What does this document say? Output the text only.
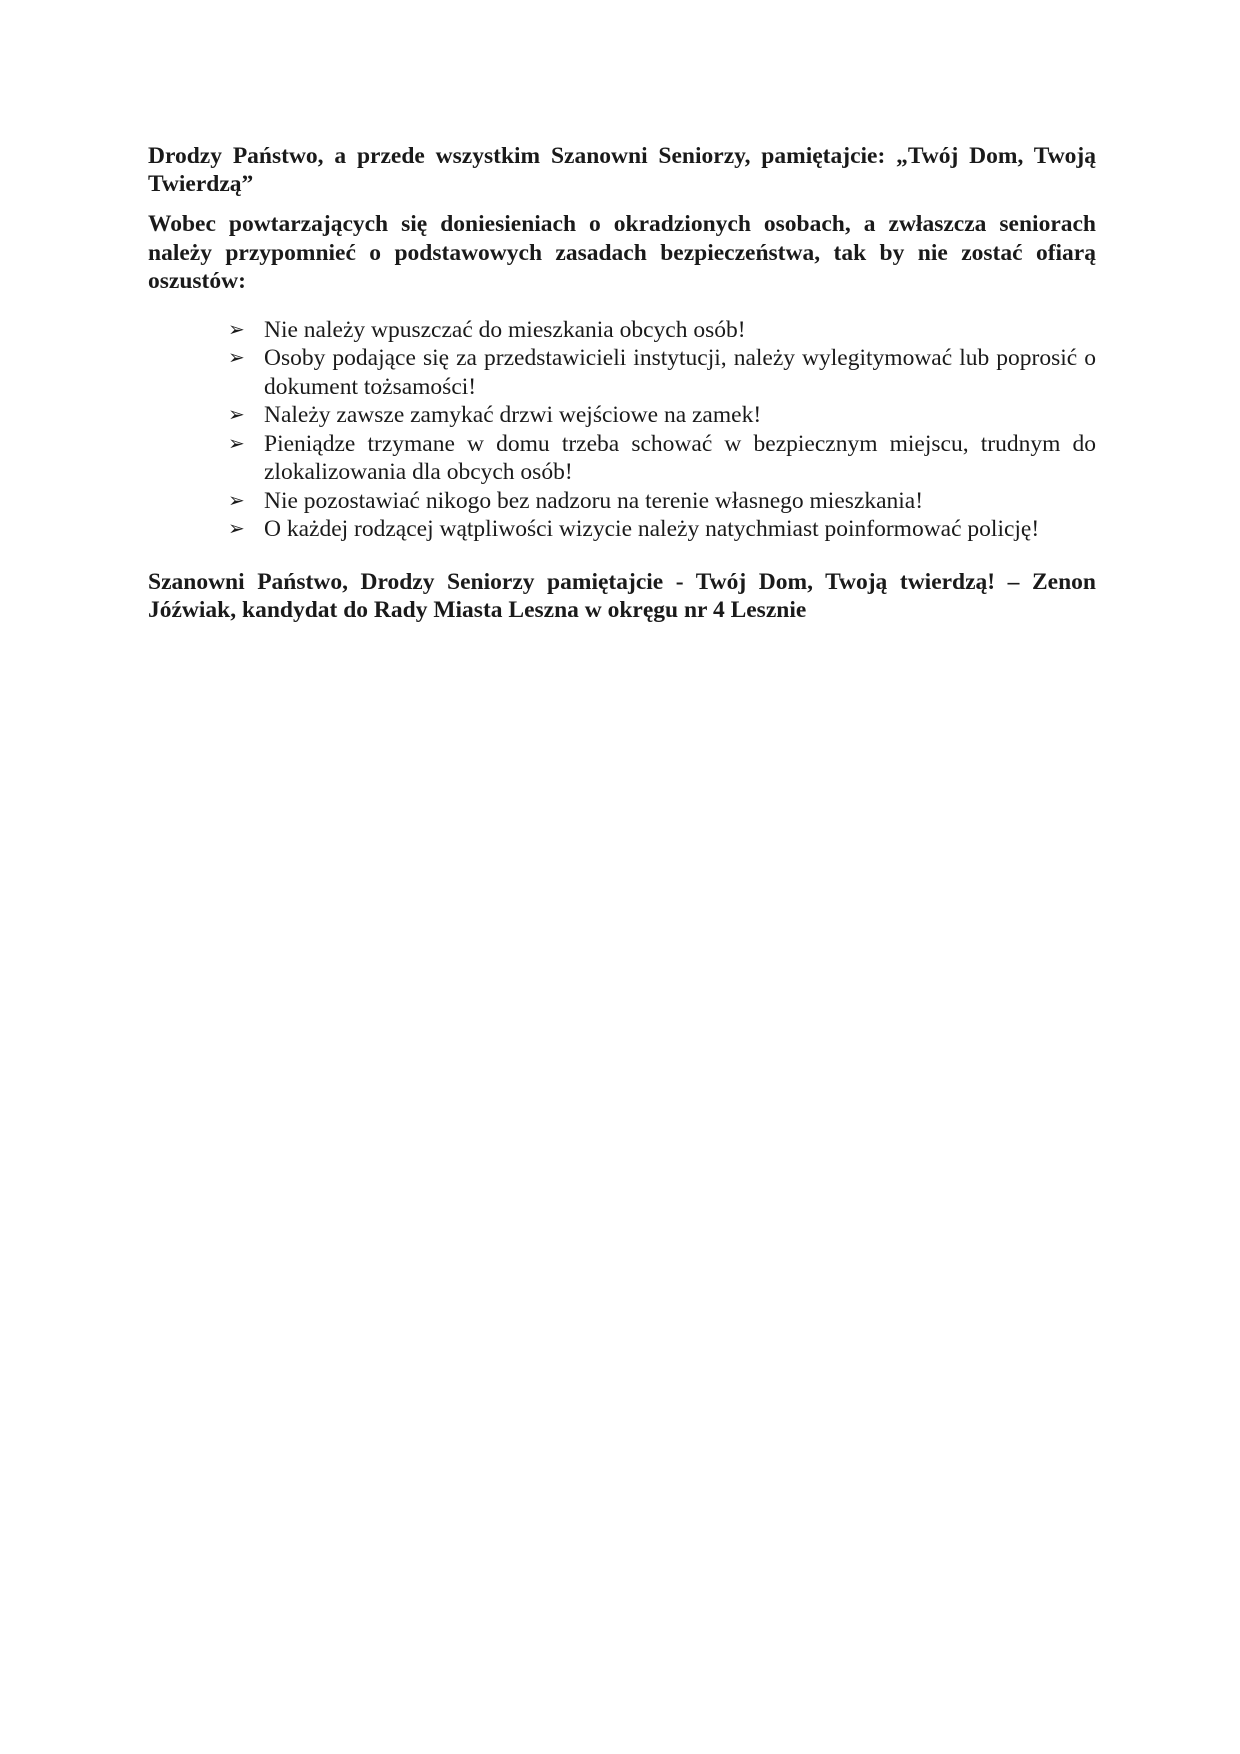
Drodzy Państwo, a przede wszystkim Szanowni Seniorzy, pamiętajcie: „Twój Dom, Twoją Twierdzą”

Wobec powtarzających się doniesieniach o okradzionych osobach, a zwłaszcza seniorach należy przypomnieć o podstawowych zasadach bezpieczeństwa, tak by nie zostać ofiarą oszustów:

➢ Nie należy wpuszczać do mieszkania obcych osób!
➢ Osoby podające się za przedstawicieli instytucji, należy wylegitymować lub poprosić o dokument tożsamości!
➢ Należy zawsze zamykać drzwi wejściowe na zamek!
➢ Pieniądze trzymane w domu trzeba schować w bezpiecznym miejscu, trudnym do zlokalizowania dla obcych osób!
➢ Nie pozostawiać nikogo bez nadzoru na terenie własnego mieszkania!
➢ O każdej rodzącej wątpliwości wizycie należy natychmiast poinformować policję!

Szanowni Państwo, Drodzy Seniorzy pamiętajcie - Twój Dom, Twoją twierdzą! – Zenon Jóźwiak, kandydat do Rady Miasta Leszna w okręgu nr 4 Lesznie
